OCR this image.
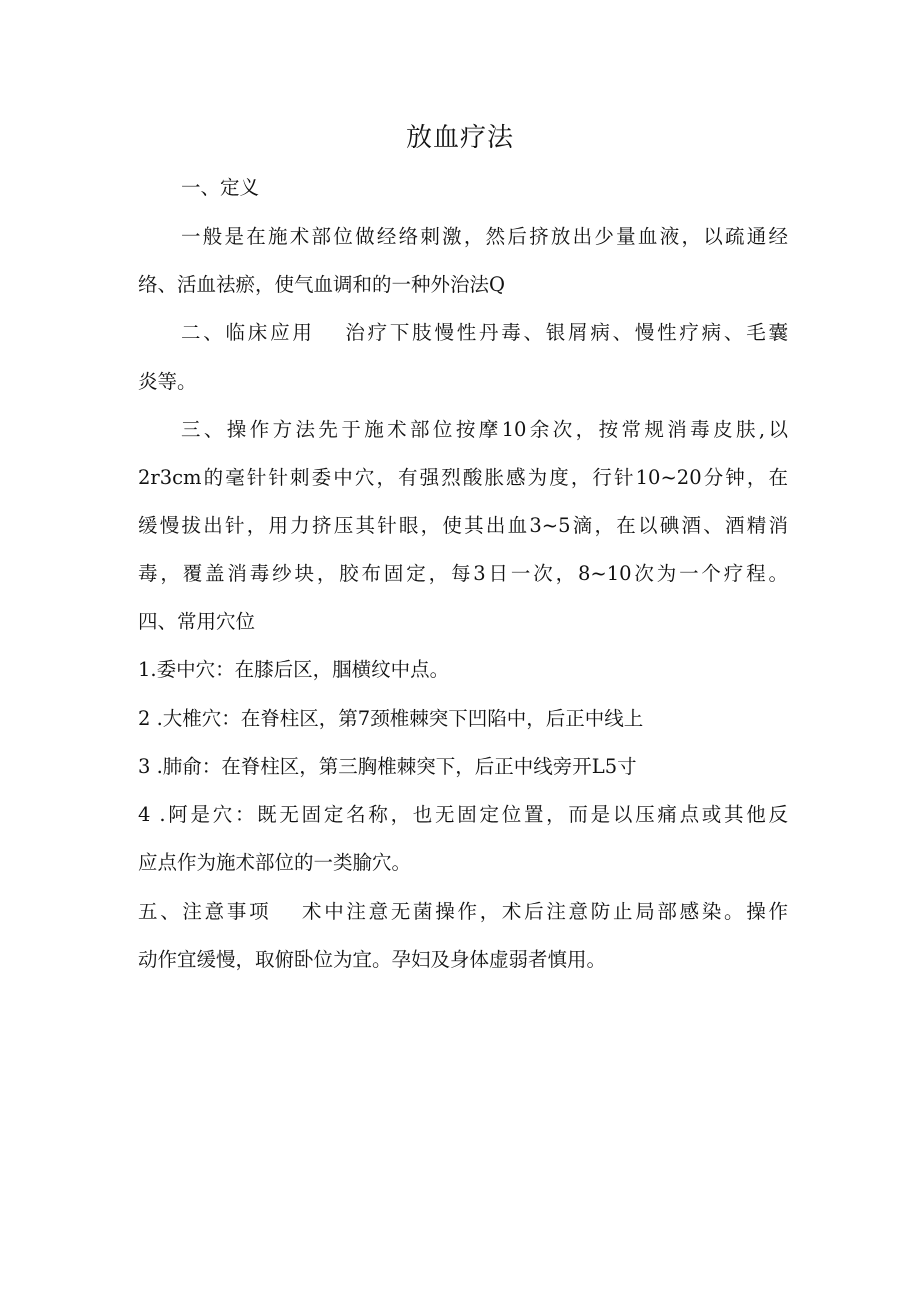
放血疗法
一、定义
一般是在施术部位做经络刺激，然后挤放出少量血液，以疏通经
络、活血祛瘀，使气血调和的一种外治法Q
二、临床应用 治疗下肢慢性丹毒、银屑病、慢性疗病、毛囊
炎等。
三、操作方法先于施术部位按摩10余次，按常规消毒皮肤,以
2r3cm的毫针针刺委中穴，有强烈酸胀感为度，行针10~20分钟，在
缓慢拔出针，用力挤压其针眼，使其出血3~5滴，在以碘酒、酒精消
毒，覆盖消毒纱块，胶布固定，每3日一次，8~10次为一个疗程。
四、常用穴位
1.委中穴：在膝后区，腘横纹中点。
2 .大椎穴：在脊柱区，第7颈椎棘突下凹陷中，后正中线上
3 .肺俞：在脊柱区，第三胸椎棘突下，后正中线旁开L5寸
4 .阿是穴：既无固定名称，也无固定位置，而是以压痛点或其他反
应点作为施术部位的一类腧穴。
五、注意事项 术中注意无菌操作，术后注意防止局部感染。操作
动作宜缓慢，取俯卧位为宜。孕妇及身体虚弱者慎用。
